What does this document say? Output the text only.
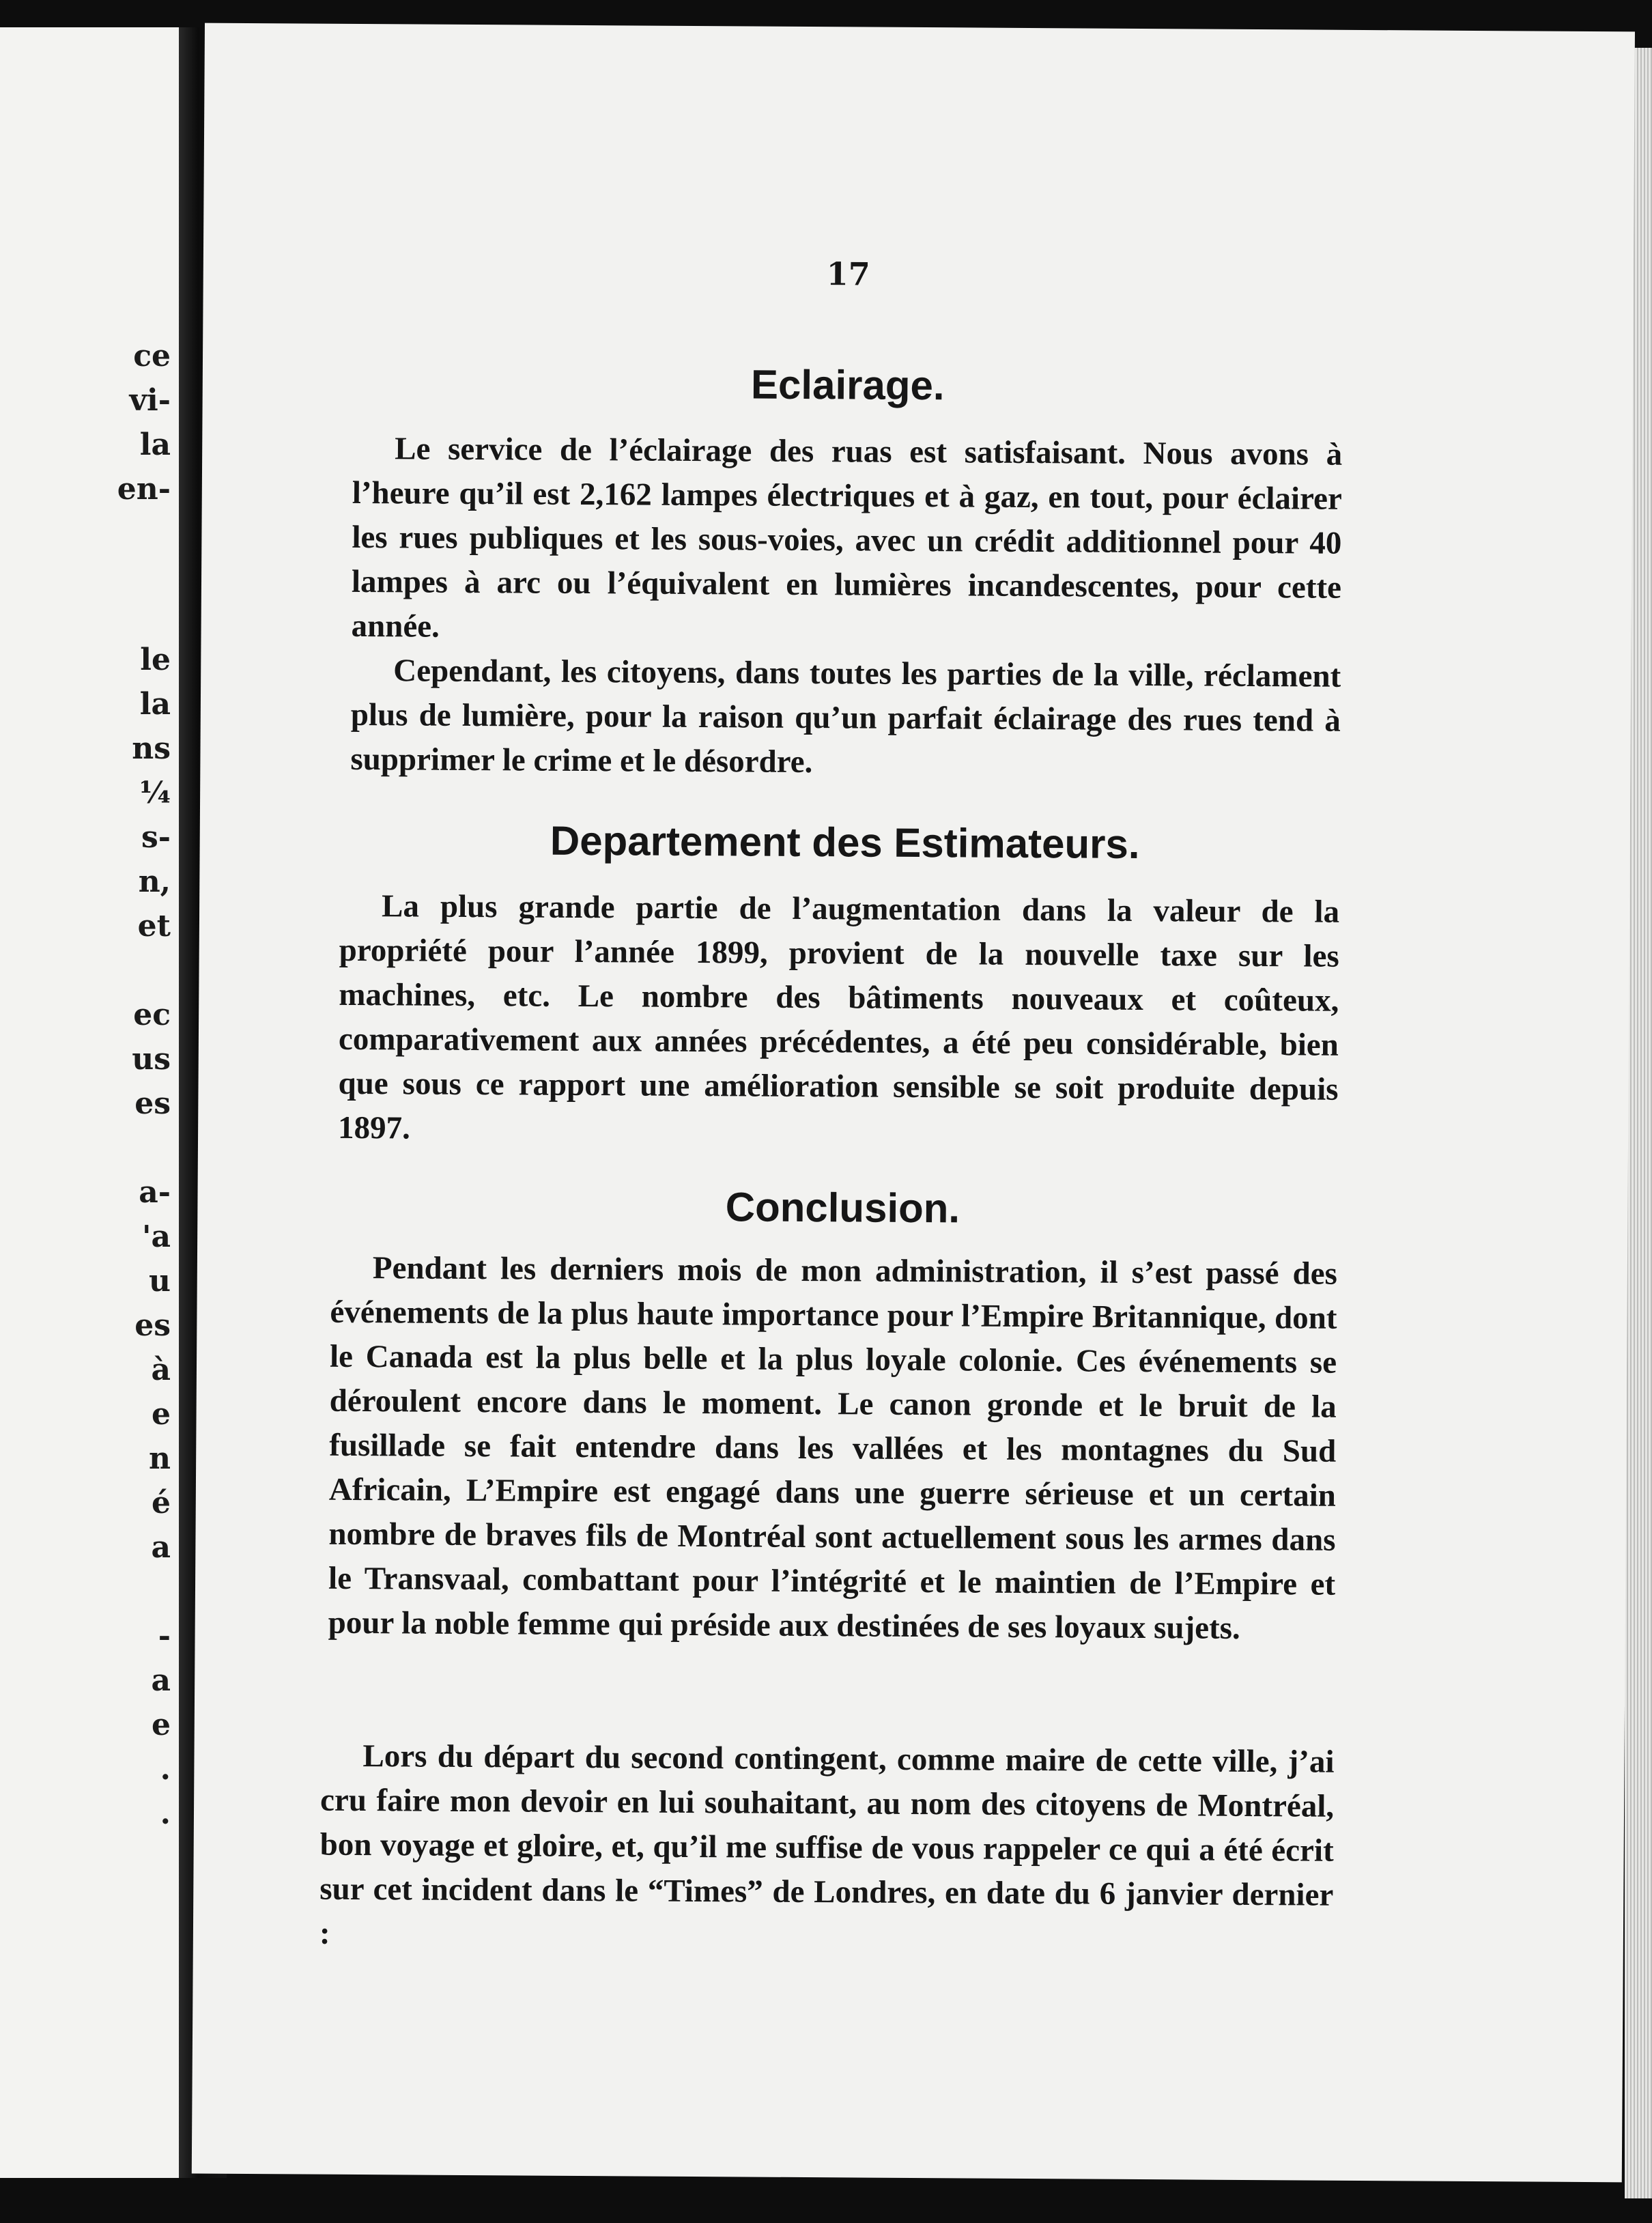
ce
vi-
la
en-
le
la
ns
¼
s-
n,
et
ec
us
es
a-
'a
u
es
à
e
n
é
a
-
a
e
.
.
17
Eclairage.

Le service de l’éclairage des ruas est satisfaisant. Nous avons à l’heure qu’il est 2,162 lampes électriques et à gaz, en tout, pour éclairer les rues publiques et les sous-voies, avec un crédit additionnel pour 40 lampes à arc ou l’équivalent en lumières incandescentes, pour cette année.

Cependant, les citoyens, dans toutes les parties de la ville, réclament plus de lumière, pour la raison qu’un parfait éclairage des rues tend à supprimer le crime et le désordre.

Departement des Estimateurs.

La plus grande partie de l’augmentation dans la valeur de la propriété pour l’année 1899, provient de la nouvelle taxe sur les machines, etc. Le nombre des bâtiments nouveaux et coûteux, comparativement aux années précédentes, a été peu considérable, bien que sous ce rapport une amélioration sensible se soit produite depuis 1897.

Conclusion.

Pendant les derniers mois de mon administration, il s’est passé des événements de la plus haute importance pour l’Empire Britannique, dont le Canada est la plus belle et la plus loyale colonie. Ces événements se déroulent encore dans le moment. Le canon gronde et le bruit de la fusillade se fait entendre dans les vallées et les montagnes du Sud Africain, L’Empire est engagé dans une guerre sérieuse et un certain nombre de braves fils de Montréal sont actuellement sous les armes dans le Transvaal, combattant pour l’intégrité et le maintien de l’Empire et pour la noble femme qui préside aux destinées de ses loyaux sujets.

Lors du départ du second contingent, comme maire de cette ville, j’ai cru faire mon devoir en lui souhaitant, au nom des citoyens de Montréal, bon voyage et gloire, et, qu’il me suffise de vous rappeler ce qui a été écrit sur cet incident dans le “Times” de Londres, en date du 6 janvier dernier :
